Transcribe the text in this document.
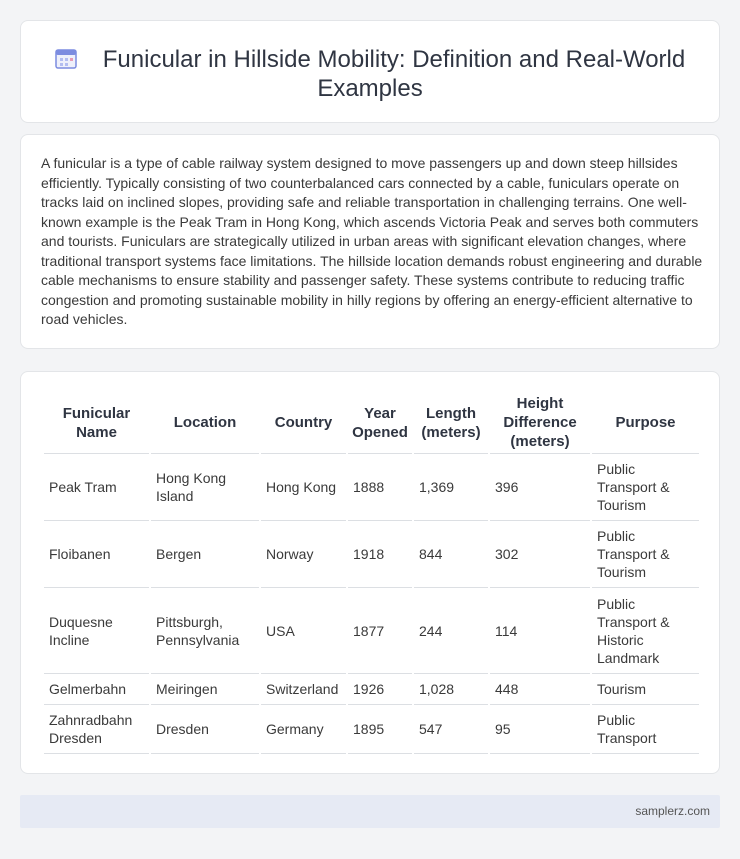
Funicular in Hillside Mobility: Definition and Real-World Examples

A funicular is a type of cable railway system designed to move passengers up and down steep hillsides efficiently. Typically consisting of two counterbalanced cars connected by a cable, funiculars operate on tracks laid on inclined slopes, providing safe and reliable transportation in challenging terrains. One well-known example is the Peak Tram in Hong Kong, which ascends Victoria Peak and serves both commuters and tourists. Funiculars are strategically utilized in urban areas with significant elevation changes, where traditional transport systems face limitations. The hillside location demands robust engineering and durable cable mechanisms to ensure stability and passenger safety. These systems contribute to reducing traffic congestion and promoting sustainable mobility in hilly regions by offering an energy-efficient alternative to road vehicles.

Funicular Name	Location	Country	Year Opened	Length (meters)	Height Difference (meters)	Purpose
Peak Tram	Hong Kong Island	Hong Kong	1888	1,369	396	Public Transport & Tourism
Floibanen	Bergen	Norway	1918	844	302	Public Transport & Tourism
Duquesne Incline	Pittsburgh, Pennsylvania	USA	1877	244	114	Public Transport & Historic Landmark
Gelmerbahn	Meiringen	Switzerland	1926	1,028	448	Tourism
Zahnradbahn Dresden	Dresden	Germany	1895	547	95	Public Transport
samplerz.com
